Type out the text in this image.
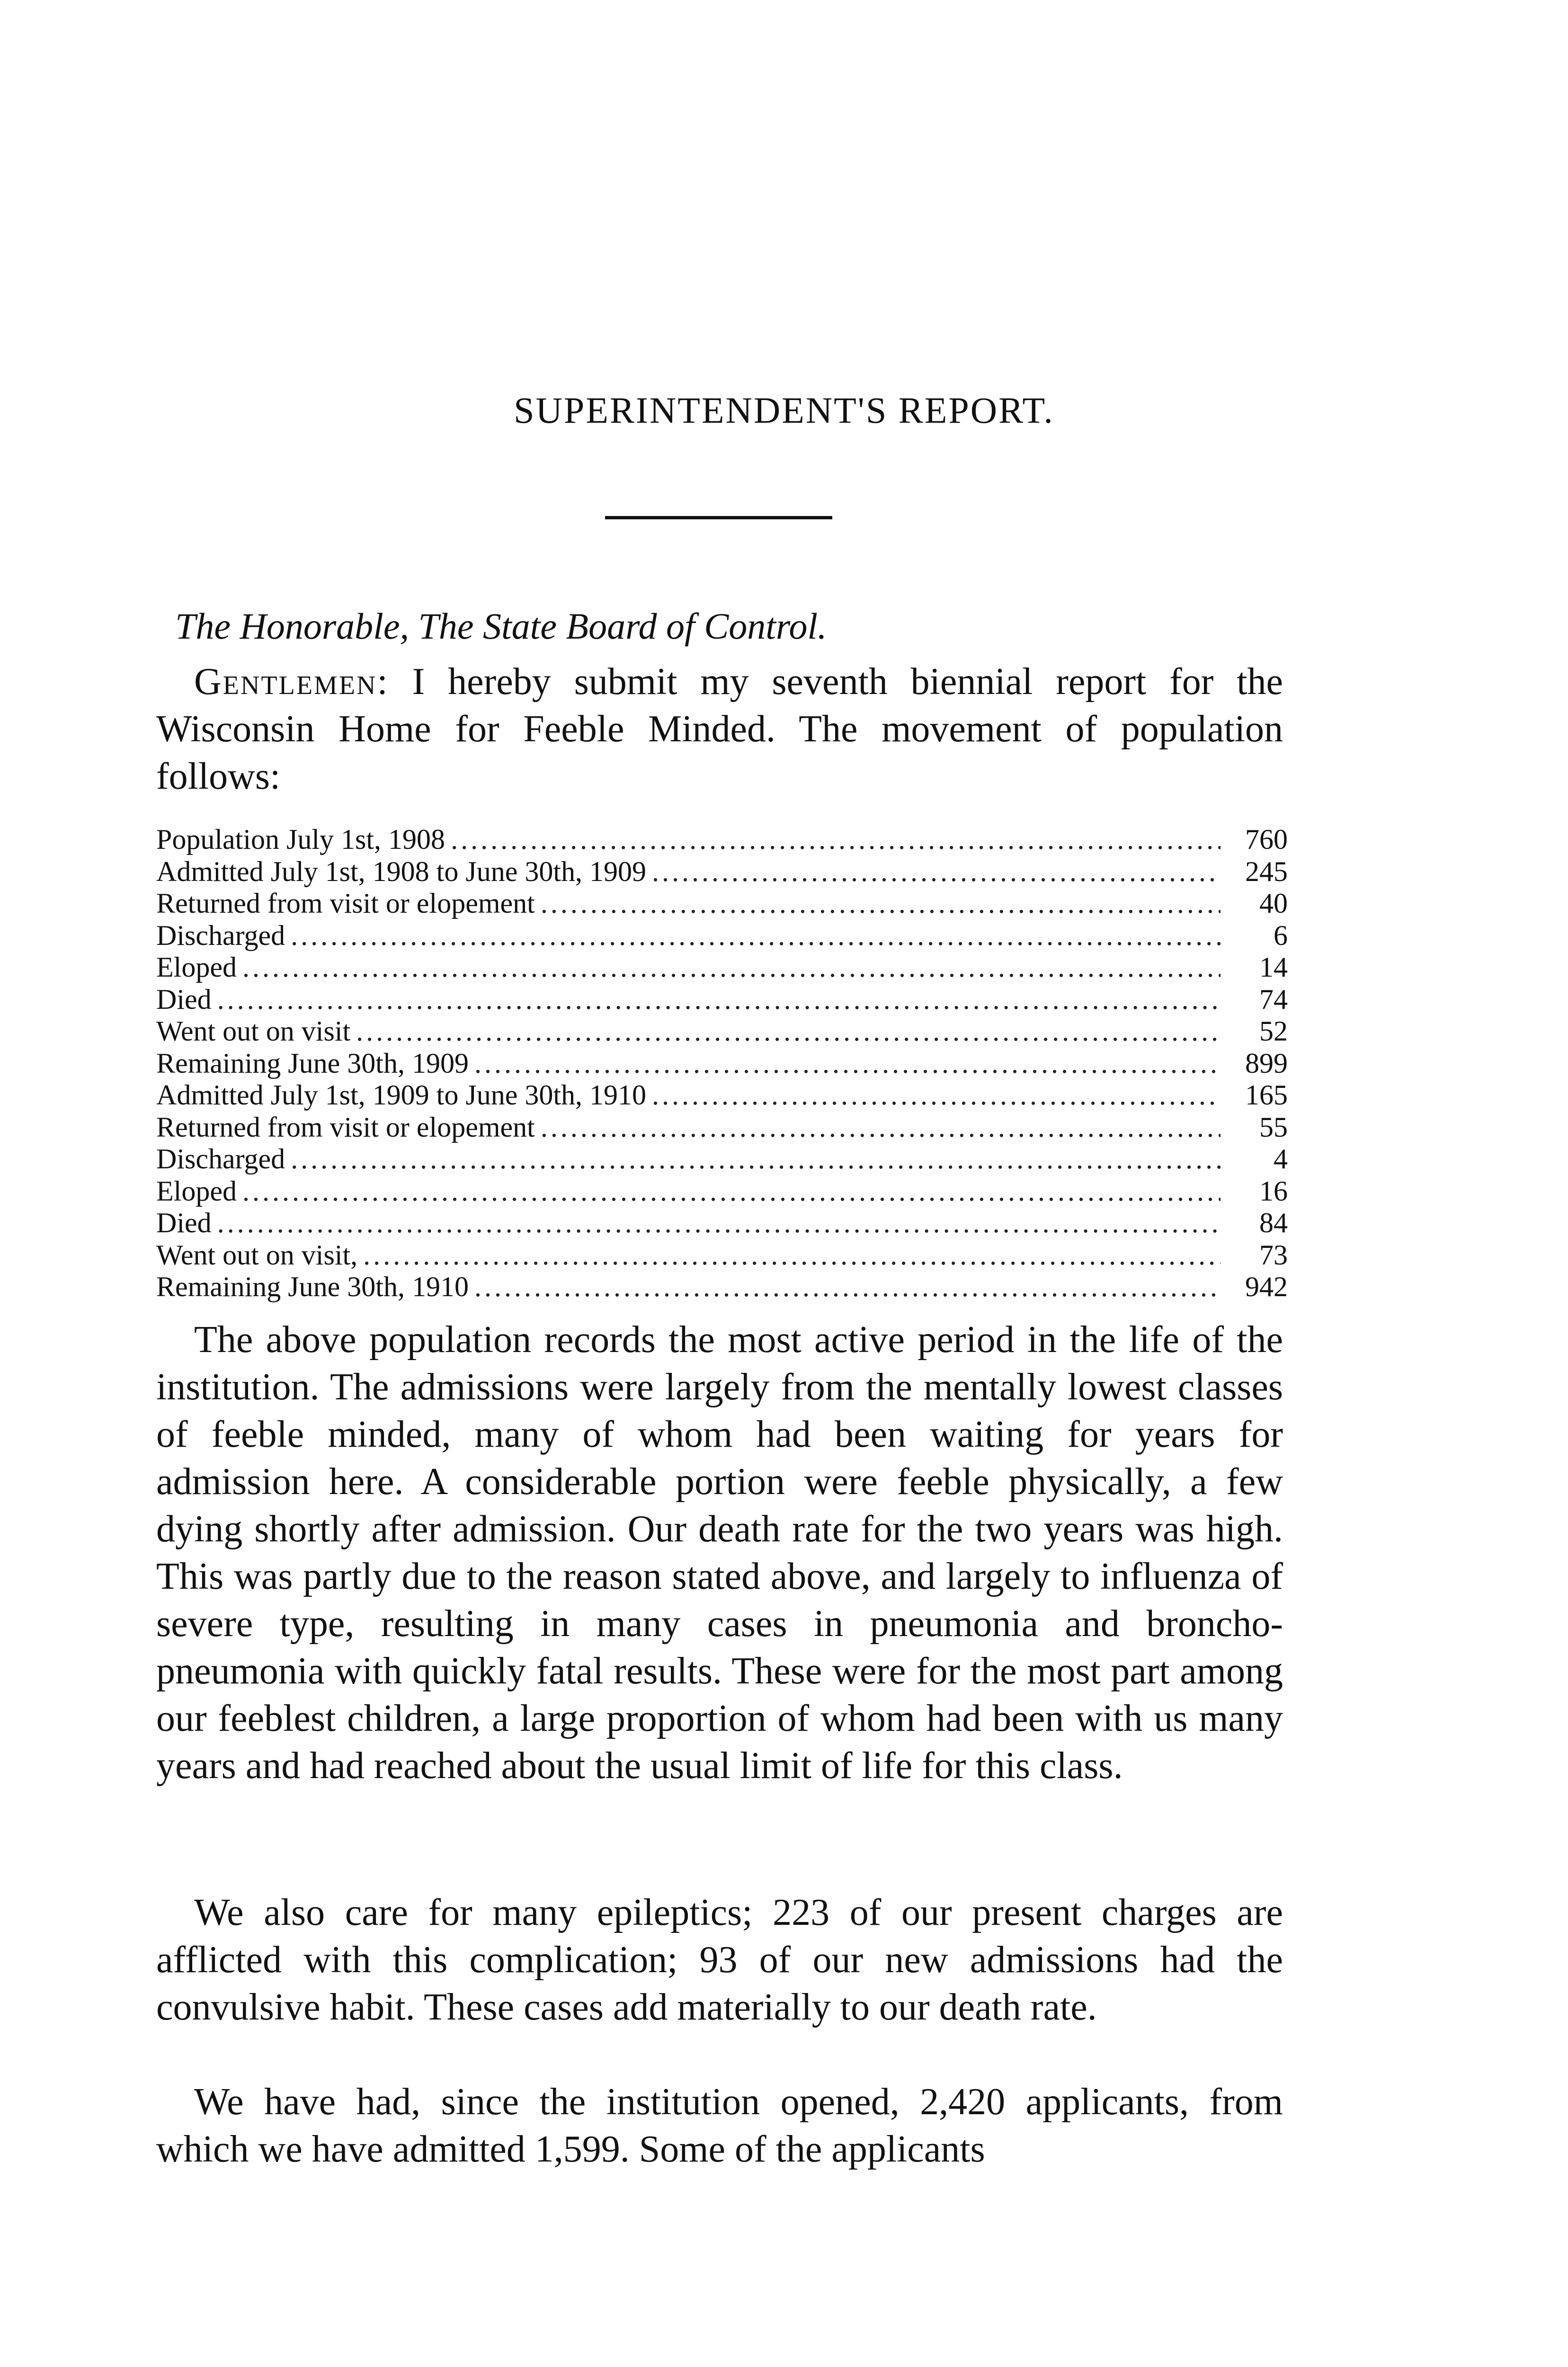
SUPERINTENDENT'S REPORT.

The Honorable, The State Board of Control.

Gentlemen: I hereby submit my seventh biennial report for the Wisconsin Home for Feeble Minded. The movement of population follows:

Population July 1st, 1908 .....	760
Admitted July 1st, 1908 to June 30th, 1909 .....	245
Returned from visit or elopement .....	40
Discharged .....	6
Eloped .....	14
Died .....	74
Went out on visit .....	52
Remaining June 30th, 1909 .....	899
Admitted July 1st, 1909 to June 30th, 1910 .....	165
Returned from visit or elopement .....	55
Discharged .....	4
Eloped .....	16
Died .....	84
Went out on visit, .....	73
Remaining June 30th, 1910 .....	942

The above population records the most active period in the life of the institution. The admissions were largely from the mentally lowest classes of feeble minded, many of whom had been waiting for years for admission here. A considerable portion were feeble physically, a few dying shortly after admission. Our death rate for the two years was high. This was partly due to the reason stated above, and largely to influenza of severe type, resulting in many cases in pneumonia and broncho-pneumonia with quickly fatal results. These were for the most part among our feeblest children, a large proportion of whom had been with us many years and had reached about the usual limit of life for this class.

We also care for many epileptics; 223 of our present charges are afflicted with this complication; 93 of our new admissions had the convulsive habit. These cases add materially to our death rate.

We have had, since the institution opened, 2,420 applicants, from which we have admitted 1,599. Some of the applicants
